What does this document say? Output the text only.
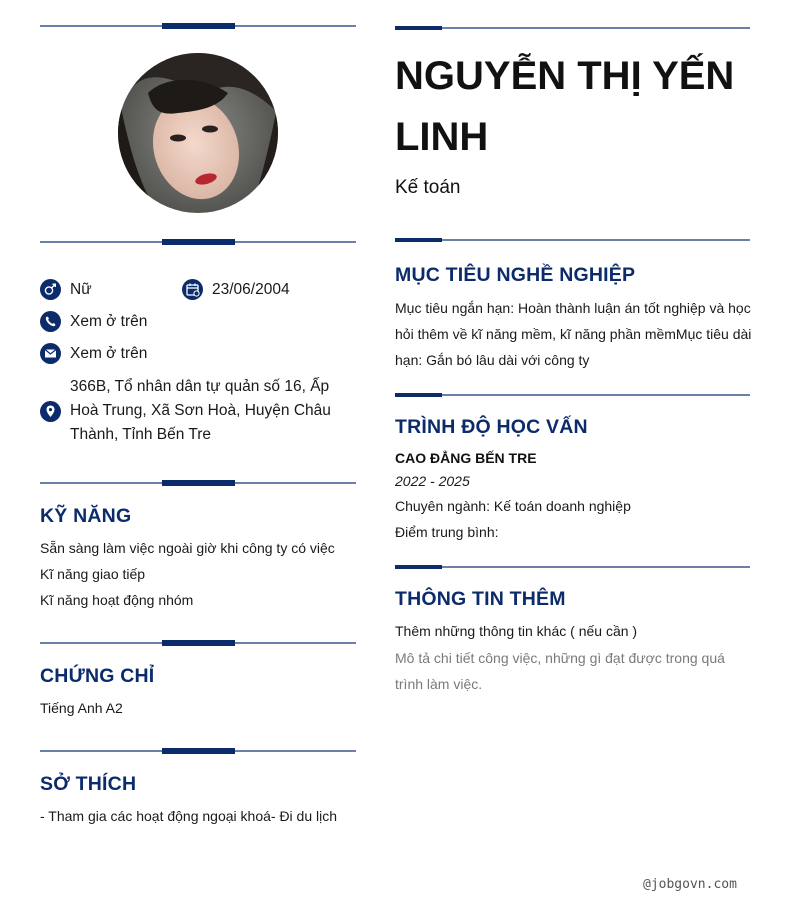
Nữ	23/06/2004
Xem ở trên
Xem ở trên
366B, Tổ nhân dân tự quản số 16, Ấp Hoà Trung, Xã Sơn Hoà, Huyện Châu Thành, Tỉnh Bến Tre
KỸ NĂNG
Sẵn sàng làm việc ngoài giờ khi công ty có việc
Kĩ năng giao tiếp
Kĩ năng hoạt động nhóm
CHỨNG CHỈ
Tiếng Anh A2
SỞ THÍCH
- Tham gia các hoạt động ngoại khoá- Đi du lịch
NGUYỄN THỊ YẾN LINH
Kế toán
MỤC TIÊU NGHỀ NGHIỆP
Mục tiêu ngắn hạn: Hoàn thành luận án tốt nghiệp và học hỏi thêm về kĩ năng mềm, kĩ năng phần mềmMục tiêu dài hạn: Gắn bó lâu dài với công ty
TRÌNH ĐỘ HỌC VẤN
CAO ĐẲNG BẾN TRE
2022 - 2025
Chuyên ngành: Kế toán doanh nghiệp
Điểm trung bình:
THÔNG TIN THÊM
Thêm những thông tin khác ( nếu cần )
Mô tả chi tiết công việc, những gì đạt được trong quá trình làm việc.
@jobgovn.com
